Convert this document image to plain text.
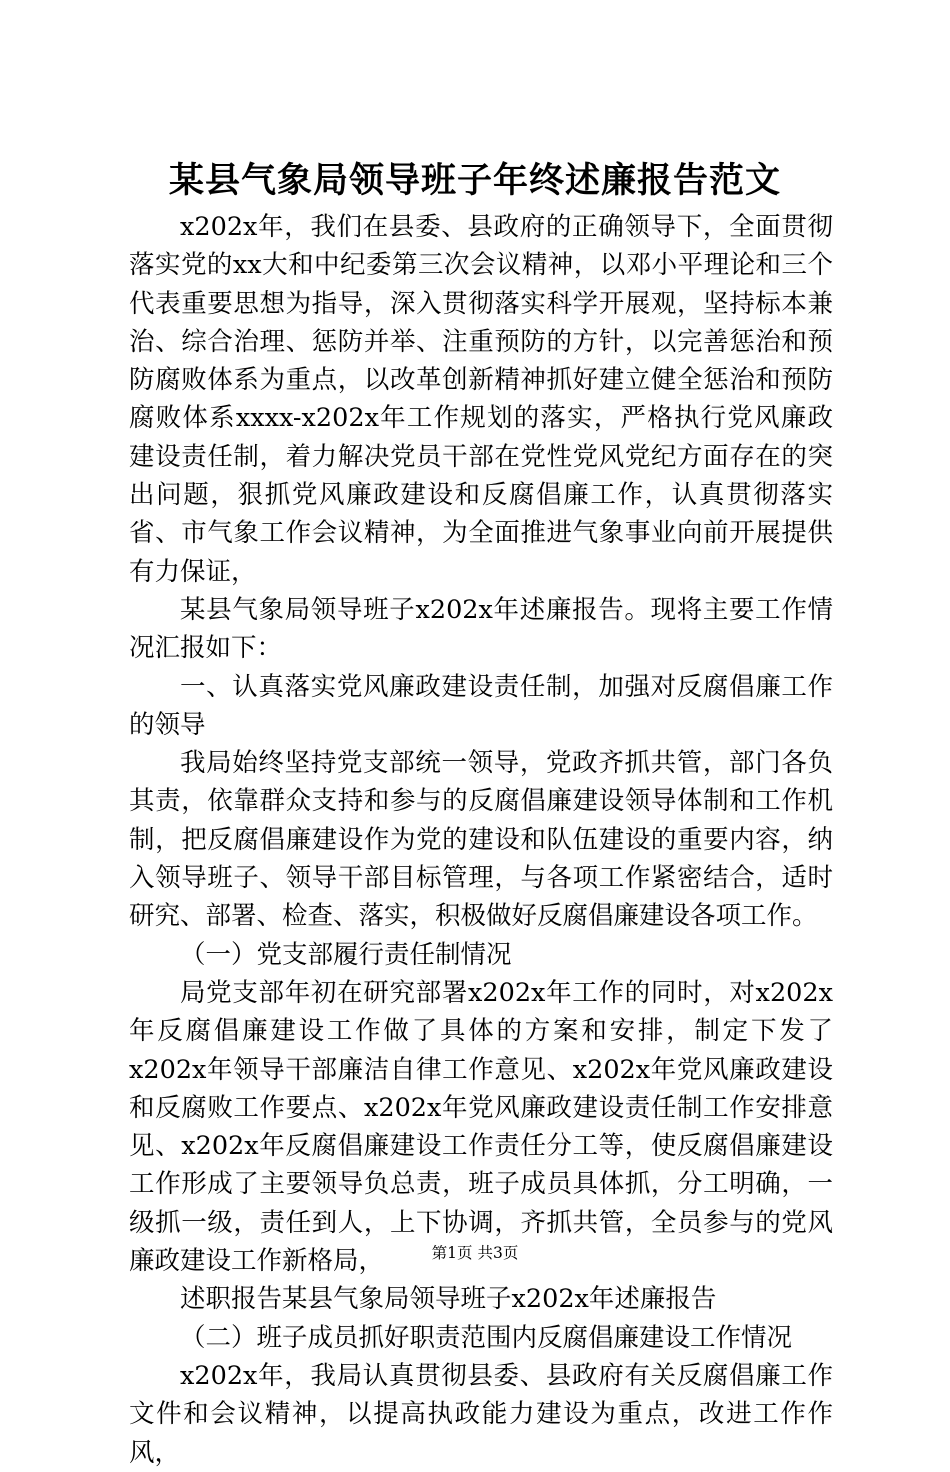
某县气象局领导班子年终述廉报告范文

x202x年，我们在县委、县政府的正确领导下，全面贯彻落实党的xx大和中纪委第三次会议精神，以邓小平理论和三个代表重要思想为指导，深入贯彻落实科学开展观，坚持标本兼治、综合治理、惩防并举、注重预防的方针，以完善惩治和预防腐败体系为重点，以改革创新精神抓好建立健全惩治和预防腐败体系xxxx-x202x年工作规划的落实，严格执行党风廉政建设责任制，着力解决党员干部在党性党风党纪方面存在的突出问题，狠抓党风廉政建设和反腐倡廉工作，认真贯彻落实省、市气象工作会议精神，为全面推进气象事业向前开展提供有力保证，

某县气象局领导班子x202x年述廉报告。现将主要工作情况汇报如下：

一、认真落实党风廉政建设责任制，加强对反腐倡廉工作的领导

我局始终坚持党支部统一领导，党政齐抓共管，部门各负其责，依靠群众支持和参与的反腐倡廉建设领导体制和工作机制，把反腐倡廉建设作为党的建设和队伍建设的重要内容，纳入领导班子、领导干部目标管理，与各项工作紧密结合，适时研究、部署、检查、落实，积极做好反腐倡廉建设各项工作。

（一）党支部履行责任制情况

局党支部年初在研究部署x202x年工作的同时，对x202x年反腐倡廉建设工作做了具体的方案和安排，制定下发了x202x年领导干部廉洁自律工作意见、x202x年党风廉政建设和反腐败工作要点、x202x年党风廉政建设责任制工作安排意见、x202x年反腐倡廉建设工作责任分工等，使反腐倡廉建设工作形成了主要领导负总责，班子成员具体抓，分工明确，一级抓一级，责任到人，上下协调，齐抓共管，全员参与的党风廉政建设工作新格局，

述职报告某县气象局领导班子x202x年述廉报告

（二）班子成员抓好职责范围内反腐倡廉建设工作情况

x202x年，我局认真贯彻县委、县政府有关反腐倡廉工作文件和会议精神，以提高执政能力建设为重点，改进工作作风，

第1页 共3页
